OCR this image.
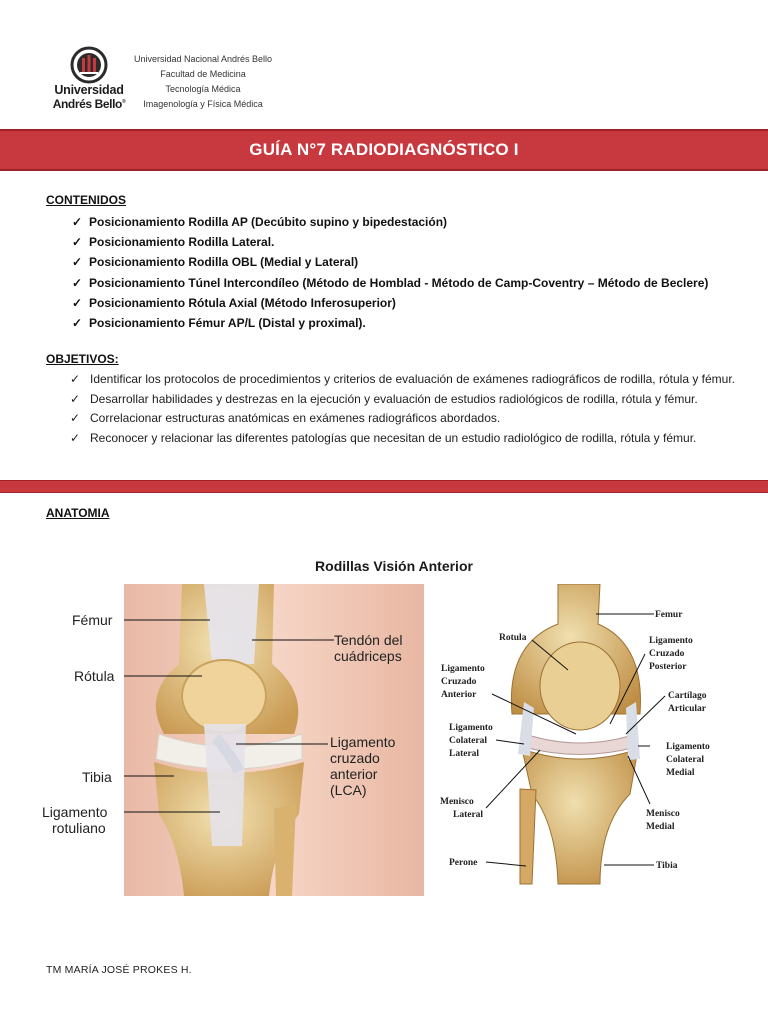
Universidad
Andrés Bello®
Universidad Nacional Andrés Bello
Facultad de Medicina
Tecnología Médica
Imagenología y Física Médica
GUÍA N°7 RADIODIAGNÓSTICO I
CONTENIDOS
✓ Posicionamiento Rodilla AP (Decúbito supino y bipedestación)
✓ Posicionamiento Rodilla Lateral.
✓ Posicionamiento Rodilla OBL (Medial y Lateral)
✓ Posicionamiento Túnel Intercondíleo (Método de Homblad - Método de Camp-Coventry – Método de Beclere)
✓ Posicionamiento Rótula Axial (Método Inferosuperior)
✓ Posicionamiento Fémur AP/L (Distal y proximal).
OBJETIVOS:
✓ Identificar los protocolos de procedimientos y criterios de evaluación de exámenes radiográficos de rodilla, rótula y fémur.
✓ Desarrollar habilidades y destrezas en la ejecución y evaluación de estudios radiológicos de rodilla, rótula y fémur.
✓ Correlacionar estructuras anatómicas en exámenes radiográficos abordados.
✓ Reconocer y relacionar las diferentes patologías que necesitan de un estudio radiológico de rodilla, rótula y fémur.
ANATOMIA
Rodillas Visión Anterior
Tendón del
cuádriceps
Ligamento
cruzado
anterior
(LCA)
Fémur
Rótula
Tibia
Ligamento
rotuliano
Femur
Rotula	Ligamento
Cruzado
Posterior
Ligamento
Cruzado
Anterior	Cartílago
Articular
Ligamento
Colateral
Lateral
Ligamento
Colateral
Medial
Menisco
Lateral	Menisco
Medial
Perone	Tibia
TM MARÍA JOSÉ PROKES H.
